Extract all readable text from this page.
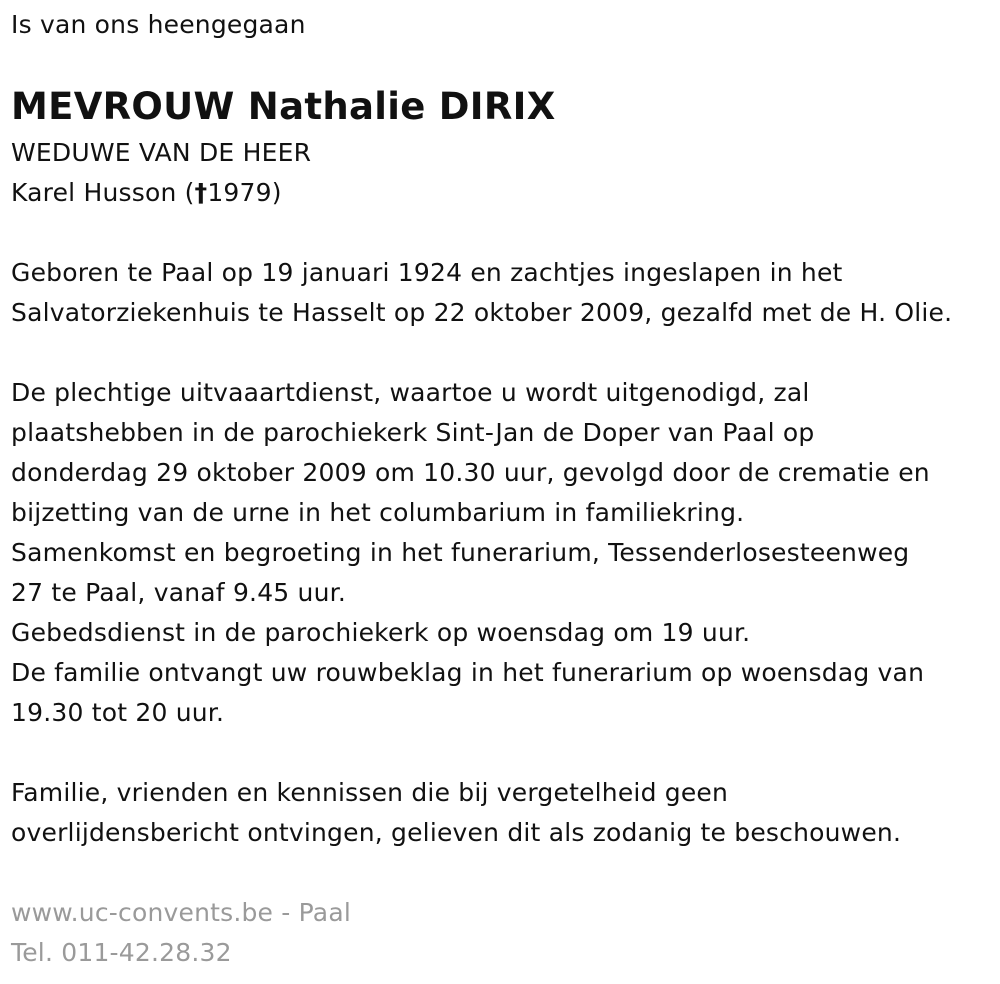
Is van ons heengegaan
MEVROUW Nathalie DIRIX
WEDUWE VAN DE HEER
Karel Husson (†1979)
Geboren te Paal op 19 januari 1924 en zachtjes ingeslapen in het
Salvatorziekenhuis te Hasselt op 22 oktober 2009, gezalfd met de H. Olie.
De plechtige uitvaaartdienst, waartoe u wordt uitgenodigd, zal
plaatshebben in de parochiekerk Sint-Jan de Doper van Paal op
donderdag 29 oktober 2009 om 10.30 uur, gevolgd door de crematie en
bijzetting van de urne in het columbarium in familiekring.
Samenkomst en begroeting in het funerarium, Tessenderlosesteenweg
27 te Paal, vanaf 9.45 uur.
Gebedsdienst in de parochiekerk op woensdag om 19 uur.
De familie ontvangt uw rouwbeklag in het funerarium op woensdag van
19.30 tot 20 uur.
Familie, vrienden en kennissen die bij vergetelheid geen
overlijdensbericht ontvingen, gelieven dit als zodanig te beschouwen.
www.uc-convents.be - Paal
Tel. 011-42.28.32
